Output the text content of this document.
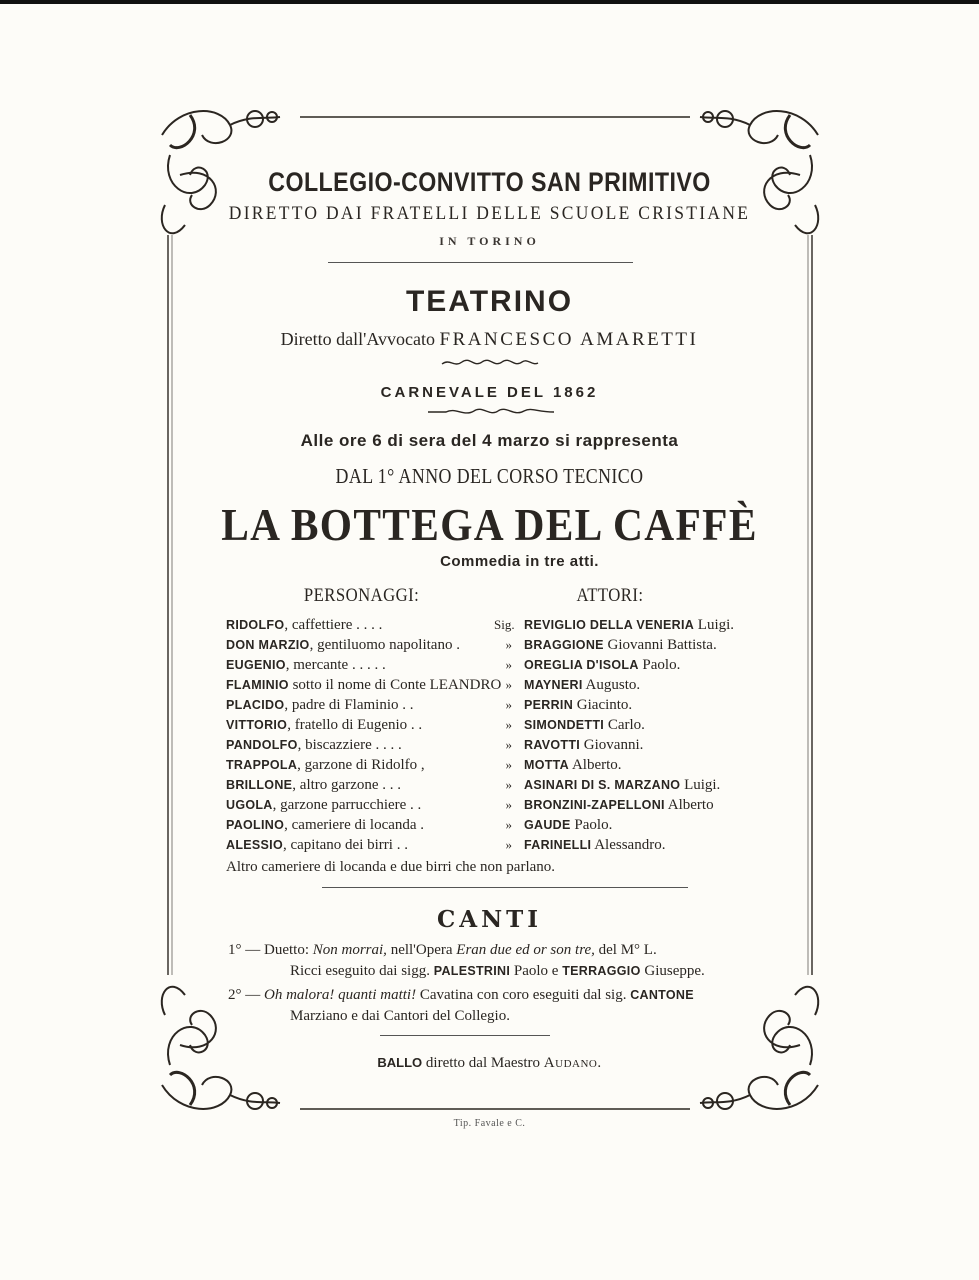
COLLEGIO-CONVITTO SAN PRIMITIVO
DIRETTO DAI FRATELLI DELLE SCUOLE CRISTIANE
IN TORINO
TEATRINO
Diretto dall'Avvocato FRANCESCO AMARETTI
CARNEVALE DEL 1862
Alle ore 6 di sera del 4 marzo si rappresenta
DAL 1° ANNO DEL CORSO TECNICO
LA BOTTEGA DEL CAFFÈ
Commedia in tre atti.
PERSONAGGI:	ATTORI:
RIDOLFO, caffettiere . . . .	Sig. REVIGLIO DELLA VENERIA Luigi.
DON MARZIO, gentiluomo napolitano .	» BRAGGIONE Giovanni Battista.
EUGENIO, mercante . . . . .	» OREGLIA D'ISOLA Paolo.
FLAMINIO sotto il nome di Conte LEANDRO » MAYNERI Augusto.
PLACIDO, padre di Flaminio . .	» PERRIN Giacinto.
VITTORIO, fratello di Eugenio . .	» SIMONDETTI Carlo.
PANDOLFO, biscazziere . . . .	» RAVOTTI Giovanni.
TRAPPOLA, garzone di Ridolfo ,	» MOTTA Alberto.
BRILLONE, altro garzone . . .	» ASINARI DI S. MARZANO Luigi.
UGOLA, garzone parrucchiere . .	» BRONZINI-ZAPELLONI Alberto
PAOLINO, cameriere di locanda .	» GAUDE Paolo.
ALESSIO, capitano dei birri . .	» FARINELLI Alessandro.
Altro cameriere di locanda e due birri che non parlano.
CANTI
1° — Duetto: Non morrai, nell'Opera Eran due ed or son tre, del M° L.
Ricci eseguito dai sigg. PALESTRINI Paolo e TERRAGGIO Giuseppe.
2° — Oh malora! quanti matti! Cavatina con coro eseguiti dal sig. CANTONE
Marziano e dai Cantori del Collegio.
BALLO diretto dal Maestro Audano.
Tip. Favale e C.
